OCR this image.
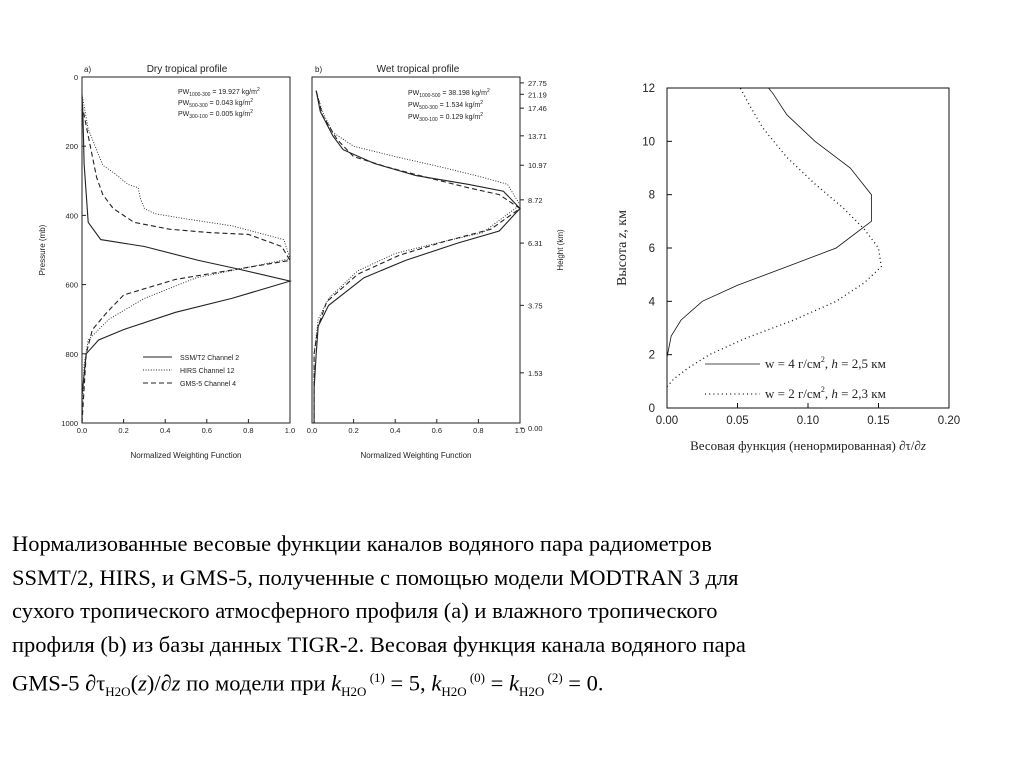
a)	Dry tropical profile
$PW_{1000-300} = 19.927$ $kg/m^2$
$PW_{500-300} = 0.043$ $kg/m^2$
$PW_{300-100} = 0.005$ $kg/m^2$
Pressure (mb)
Normalized Weighting Function
SSM/T2 Channel 2
HIRS Channel 12
GMS-5 Channel 4
0.0	0.2	0.4	0.6	0.8	1.0
0
200
400
600
800
1000
b)	Wet tropical profile
$PW_{1000-500} = 38.198$ $kg/m^2$
$PW_{500-300} = 1.534$ $kg/m^2$
$PW_{300-100} = 0.129$ $kg/m^2$
Height (km)
Normalized Weighting Function
0.0	0.2	0.4	0.6	0.8	1.0
27.75
21.19
17.46
13.71
10.97
8.72
6.31
3.75
1.53
0.00
Высота z, км
Весовая функция (ненормированная) ∂τ/∂z
w = 4 $г/см^2$, h = 2,5 км
w = 2 $г/см^2$, h = 2,3 км
0.00	0.05	0.10	0.15	0.20
0
2
4
6
8
10
12
Нормализованные весовые функции каналов водяного пара радиометров
SSMT/2, HIRS, и GMS-5, полученные с помощью модели MODTRAN 3 для
сухого тропического атмосферного профиля (a) и влажного тропического
профиля (b) из базы данных TIGR-2. Весовая функция канала водяного пара
GMS-5 $\partial\tau_{H2O}(z)/\partial z$ по модели при $k_{H2O}$ $^{(1)}$ = 5, $k_{H2O}$ $^{(0)} = k_{H2O}$ $^{(2)}$ = 0.
